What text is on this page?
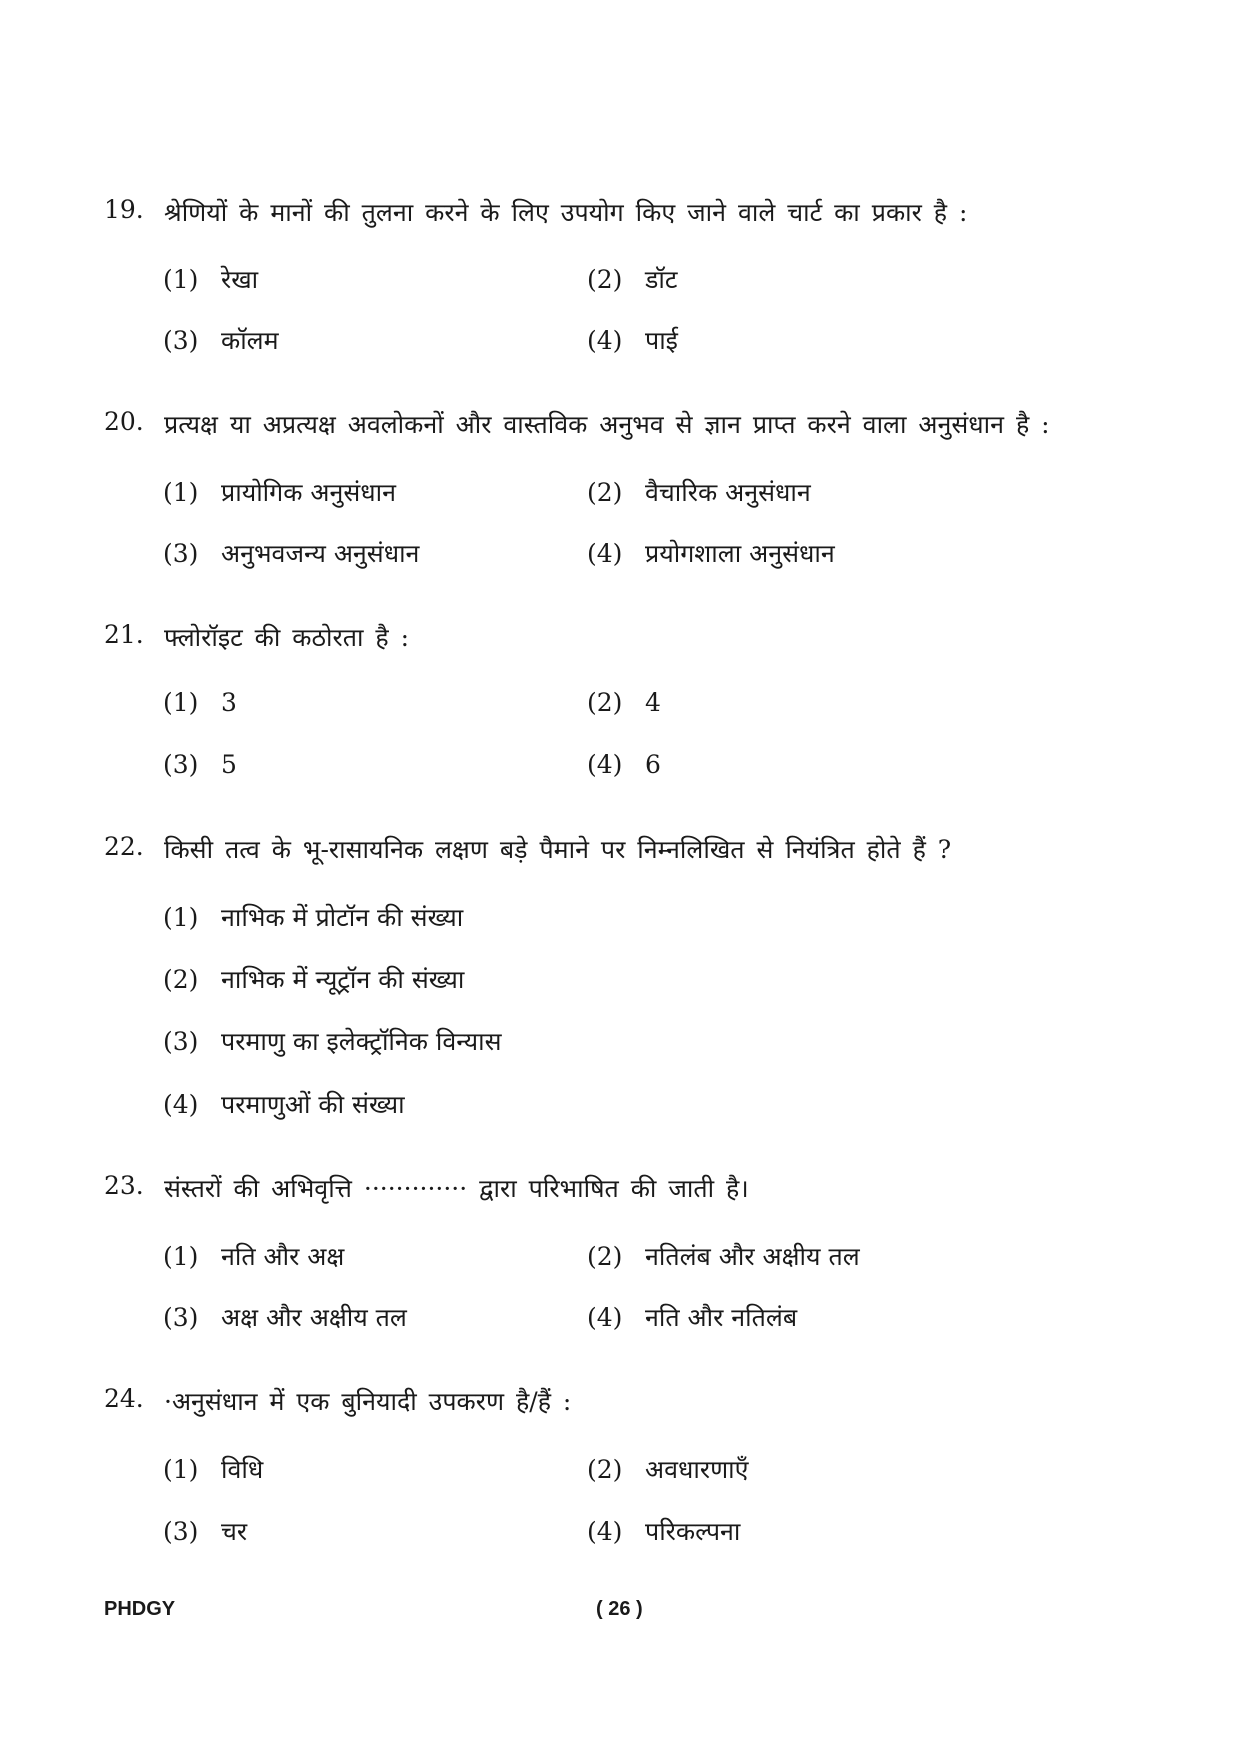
19. श्रेणियों के मानों की तुलना करने के लिए उपयोग किए जाने वाले चार्ट का प्रकार है :
(1) रेखा	(2) डॉट
(3) कॉलम	(4) पाई
20. प्रत्यक्ष या अप्रत्यक्ष अवलोकनों और वास्तविक अनुभव से ज्ञान प्राप्त करने वाला अनुसंधान है :
(1) प्रायोगिक अनुसंधान	(2) वैचारिक अनुसंधान
(3) अनुभवजन्य अनुसंधान	(4) प्रयोगशाला अनुसंधान
21. फ्लोरॉइट की कठोरता है :
(1) 3	(2) 4
(3) 5	(4) 6
22. किसी तत्व के भू-रासायनिक लक्षण बड़े पैमाने पर निम्नलिखित से नियंत्रित होते हैं ?
(1) नाभिक में प्रोटॉन की संख्या
(2) नाभिक में न्यूट्रॉन की संख्या
(3) परमाणु का इलेक्ट्रॉनिक विन्यास
(4) परमाणुओं की संख्या
23. संस्तरों की अभिवृत्ति ············· द्वारा परिभाषित की जाती है।
(1) नति और अक्ष	(2) नतिलंब और अक्षीय तल
(3) अक्ष और अक्षीय तल	(4) नति और नतिलंब
24. ·अनुसंधान में एक बुनियादी उपकरण है/हैं :
(1) विधि	(2) अवधारणाएँ
(3) चर	(4) परिकल्पना
PHDGY	( 26 )
